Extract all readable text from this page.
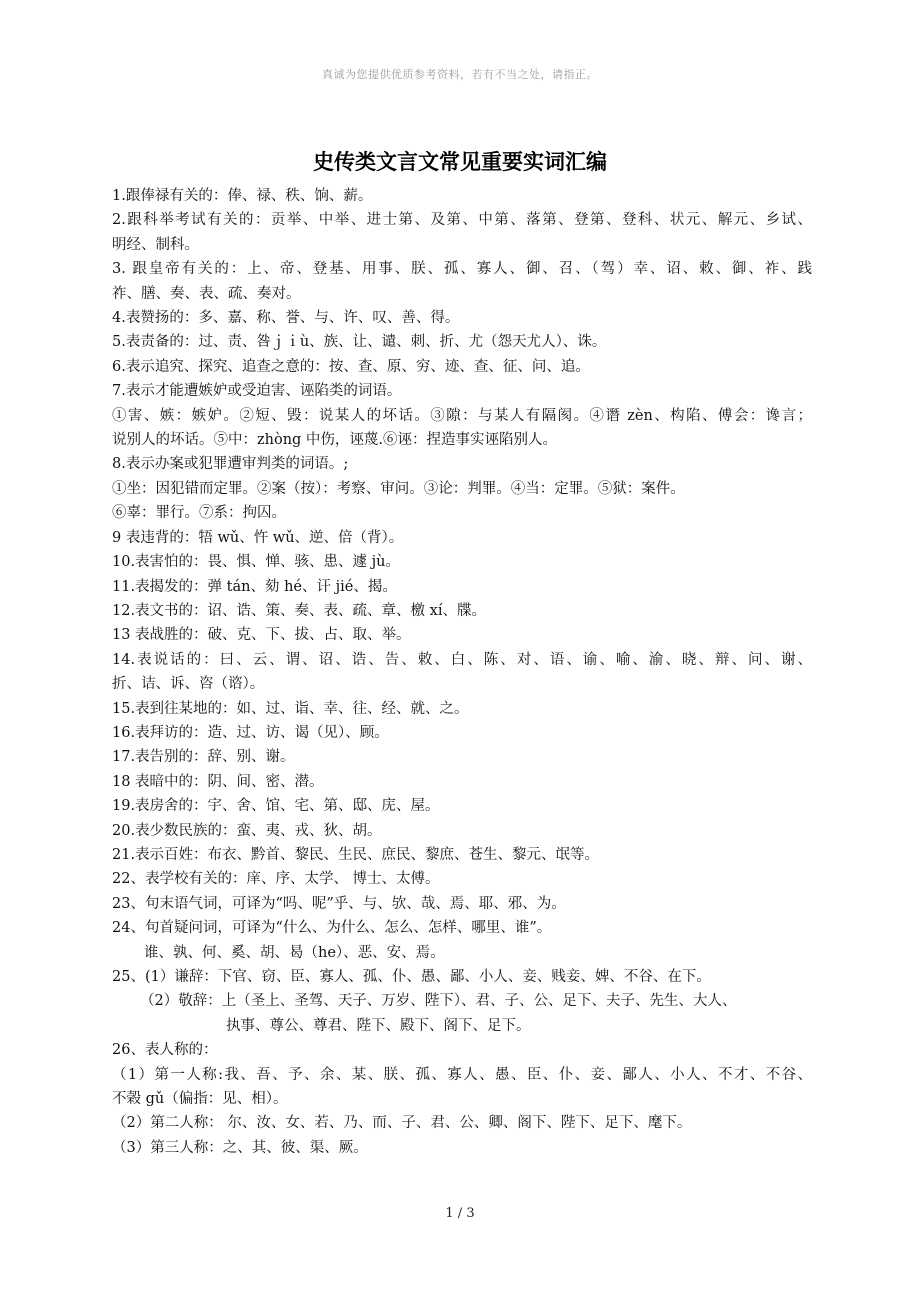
真诚为您提供优质参考资料，若有不当之处，请指正。
史传类文言文常见重要实词汇编
1.跟俸禄有关的：俸、禄、秩、饷、薪。
2.跟科举考试有关的：贡举、中举、进士第、及第、中第、落第、登第、登科、状元、解元、乡试、
明经、制科。
3. 跟皇帝有关的：上、帝、登基、用事、朕、孤、寡人、御、召、（驾）幸、诏、敕、御、祚、践
祚、膳、奏、表、疏、奏对。
4.表赞扬的：多、嘉、称、誉、与、许、叹、善、得。
5.表责备的：过、责、咎ｊｉù、族、让、谴、刺、折、尤（怨天尤人）、诛。
6.表示追究、探究、追查之意的：按、查、原、穷、迹、查、征、问、追。
7.表示才能遭嫉妒或受迫害、诬陷类的词语。
①害、嫉：嫉妒。②短、毁：说某人的坏话。③隙：与某人有隔阂。④谮 zèn、构陷、傅会：谗言；
说别人的坏话。⑤中：zhòng 中伤，诬蔑.⑥诬：捏造事实诬陷别人。
8.表示办案或犯罪遭审判类的词语。;
①坐：因犯错而定罪。②案（按）：考察、审问。③论：判罪。④当：定罪。⑤狱：案件。
⑥辜：罪行。⑦系：拘囚。
9 表违背的：牾 wǔ、忤 wǔ、逆、倍（背）。
10.表害怕的：畏、惧、惮、骇、患、遽 jù。
11.表揭发的：弹 tán、劾 hé、讦 jié、揭。
12.表文书的：诏、诰、策、奏、表、疏、章、檄 xí、牒。
13 表战胜的：破、克、下、拔、占、取、举。
14.表说话的：曰、云、谓、诏、诰、告、敕、白、陈、对、语、谕、喻、渝、晓、辩、问、谢、
折、诘、诉、咨（谘）。
15.表到往某地的：如、过、诣、幸、往、经、就、之。
16.表拜访的：造、过、访、谒（见）、顾。
17.表告别的：辞、别、谢。
18 表暗中的：阴、间、密、潜。
19.表房舍的：宇、舍、馆、宅、第、邸、庑、屋。
20.表少数民族的：蛮、夷、戎、狄、胡。
21.表示百姓：布衣、黔首、黎民、生民、庶民、黎庶、苍生、黎元、氓等。
22、表学校有关的：庠、序、太学、 博士、太傅。
23、句末语气词，可译为“吗、呢”乎、与、欤、哉、焉、耶、邪、为。
24、句首疑问词，可译为“什么、为什么、怎么、怎样、哪里、谁”。
谁、孰、何、奚、胡、曷（he）、恶、安、焉。
25、(1）谦辞：下官、窃、臣、寡人、孤、仆、愚、鄙、小人、妾、贱妾、婢、不谷、在下。
（2）敬辞：上（圣上、圣驾、天子、万岁、陛下）、君、子、公、足下、夫子、先生、大人、
执事、尊公、尊君、陛下、殿下、阁下、足下。
26、表人称的：
（1）第一人称:我、吾、予、余、某、朕、孤、寡人、愚、臣、仆、妾、鄙人、小人、不才、不谷、
不榖 gǔ（偏指：见、相）。
（2）第二人称： 尔、汝、女、若、乃、而、子、君、公、卿、阁下、陛下、足下、麾下。
（3）第三人称：之、其、彼、渠、厥。
1 / 3
